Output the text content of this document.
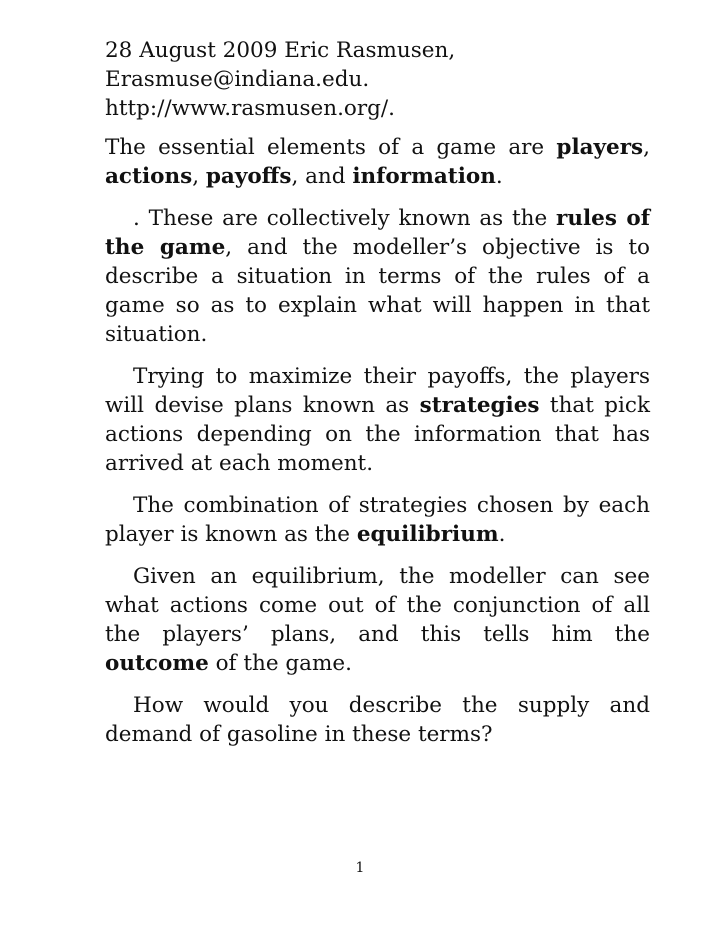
28 August 2009 Eric Rasmusen, Erasmuse@indiana.edu. http://www.rasmusen.org/.

The essential elements of a game are players, actions, payoffs, and information.

. These are collectively known as the rules of the game, and the modeller’s objective is to describe a situation in terms of the rules of a game so as to explain what will happen in that situation.

Trying to maximize their payoffs, the players will devise plans known as strategies that pick actions depending on the information that has arrived at each moment.

The combination of strategies chosen by each player is known as the equilibrium.

Given an equilibrium, the modeller can see what actions come out of the conjunction of all the players’ plans, and this tells him the outcome of the game.

How would you describe the supply and demand of gasoline in these terms?

1
